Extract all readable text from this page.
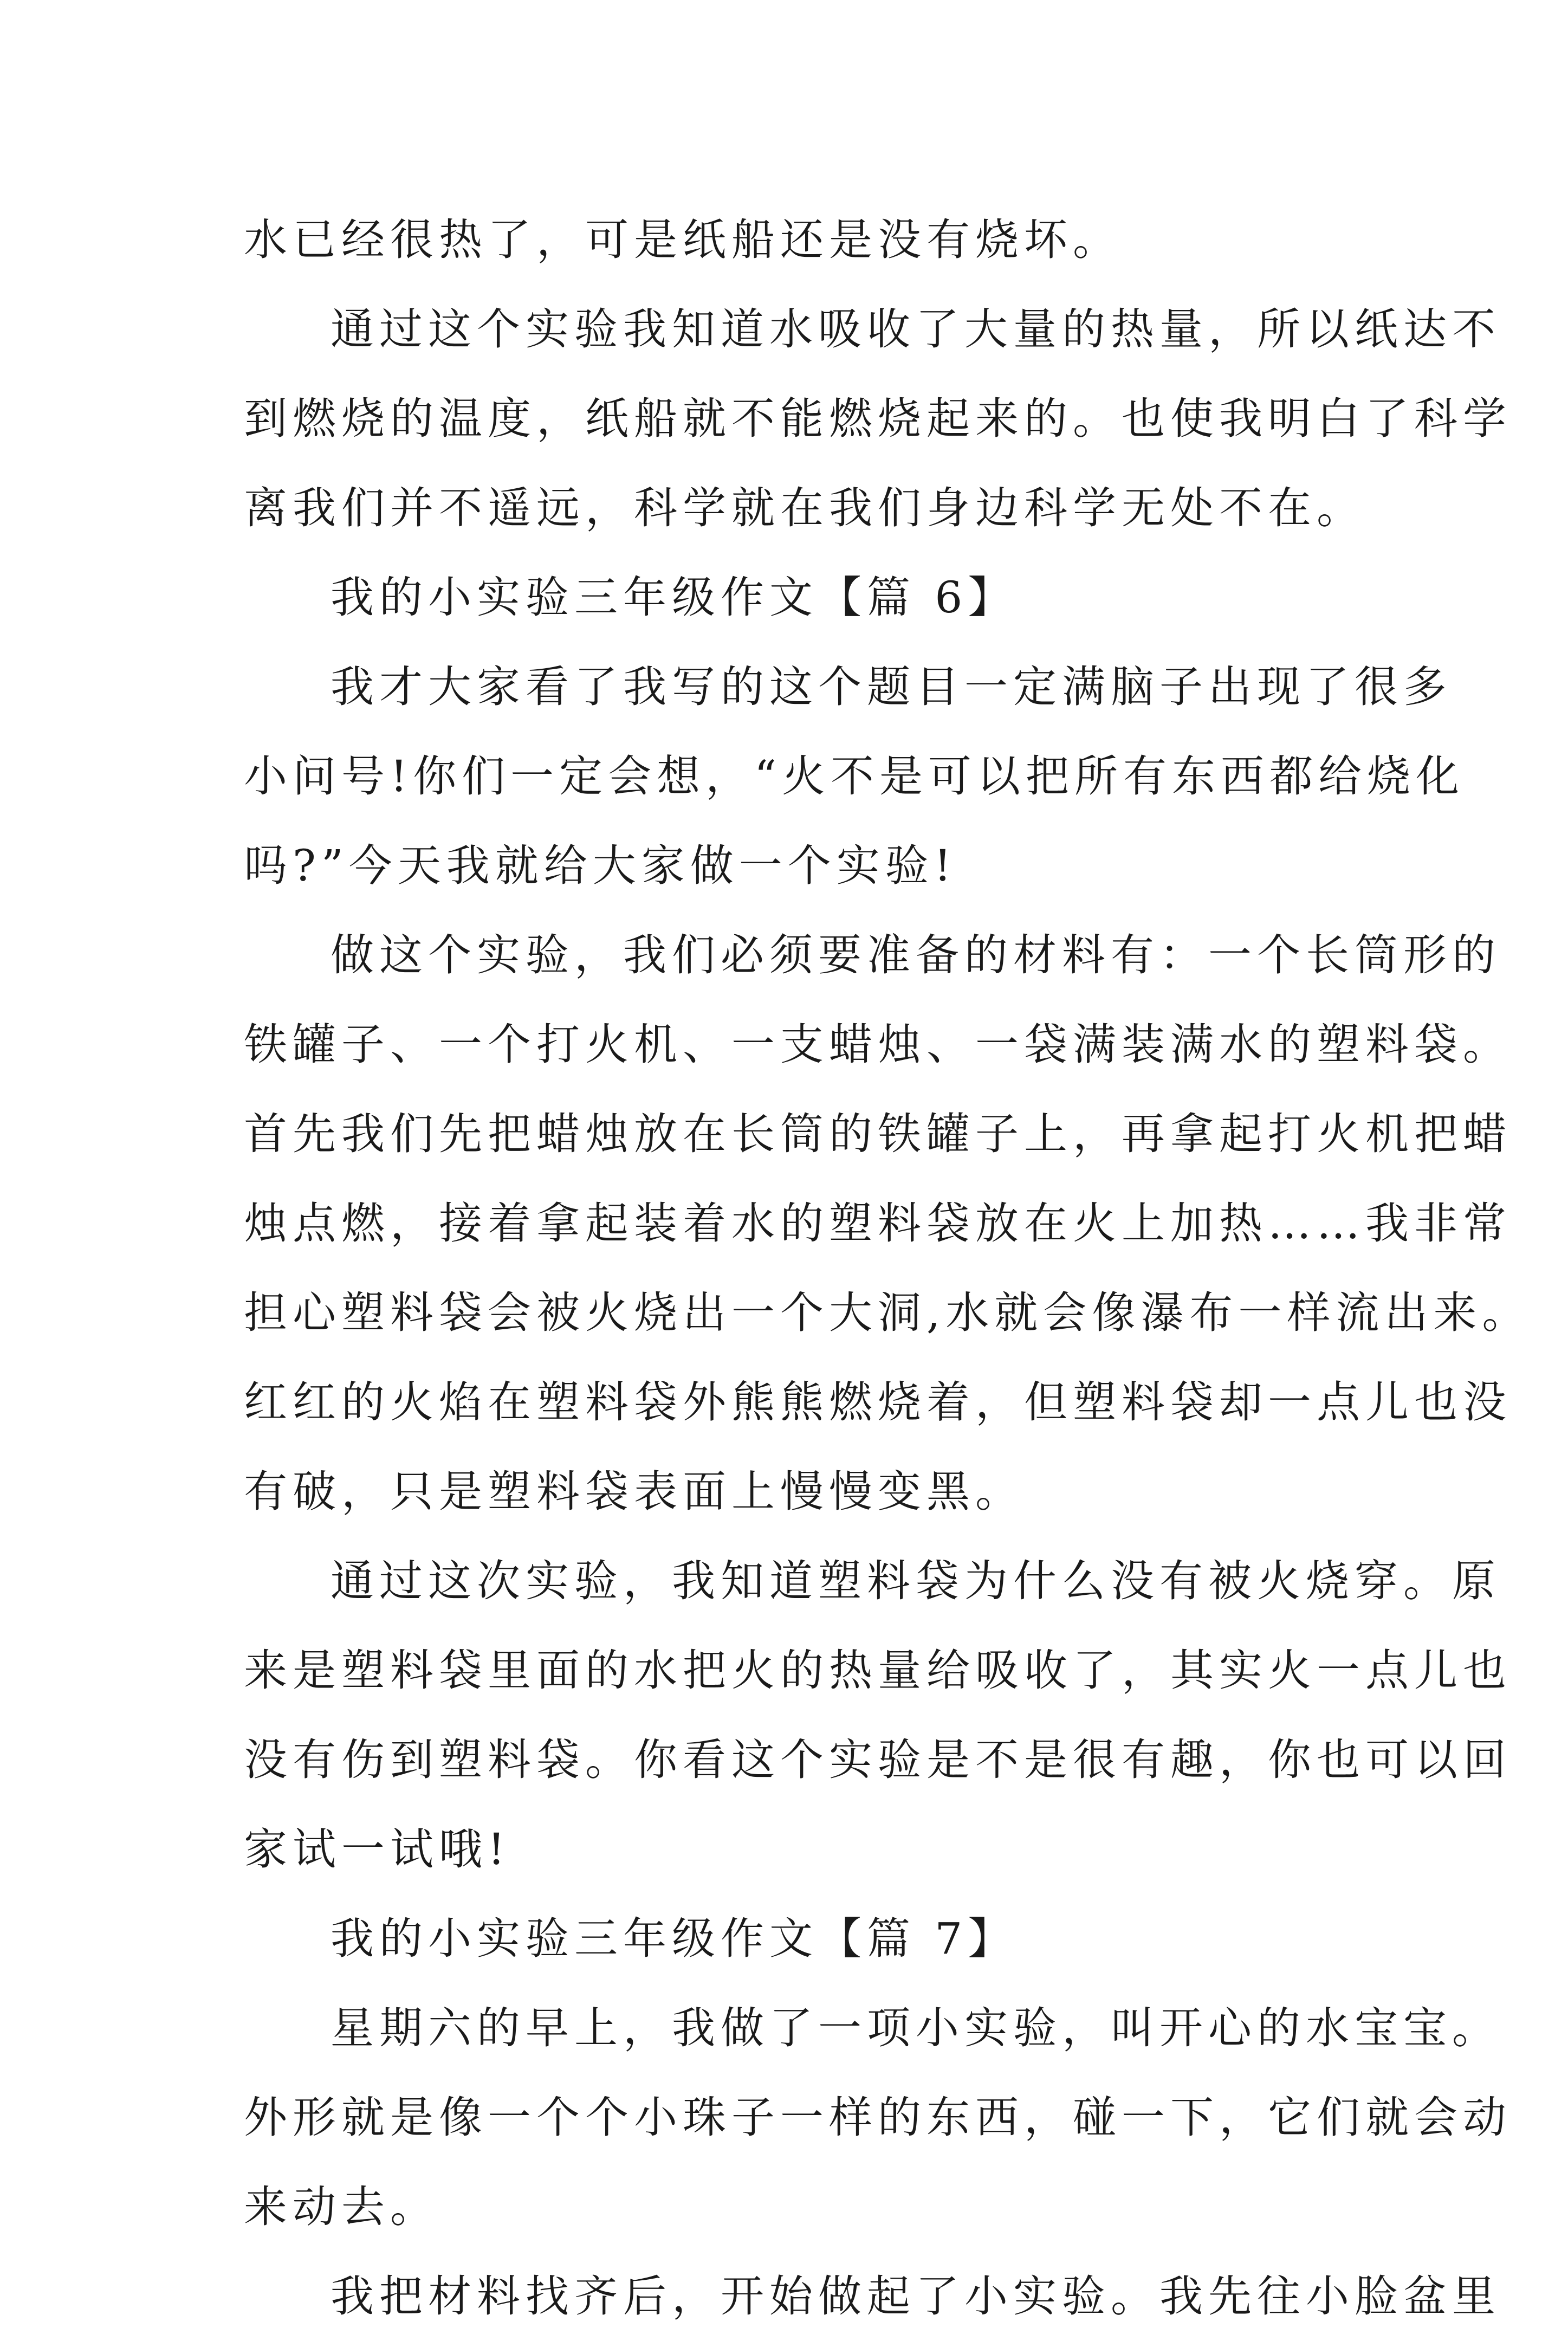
水已经很热了，可是纸船还是没有烧坏。
通过这个实验我知道水吸收了大量的热量，所以纸达不
到燃烧的温度，纸船就不能燃烧起来的。也使我明白了科学
离我们并不遥远，科学就在我们身边科学无处不在。
我的小实验三年级作文【篇 6】
我才大家看了我写的这个题目一定满脑子出现了很多
小问号!你们一定会想，“火不是可以把所有东西都给烧化
吗?”今天我就给大家做一个实验!
做这个实验，我们必须要准备的材料有：一个长筒形的
铁罐子、一个打火机、一支蜡烛、一袋满装满水的塑料袋。
首先我们先把蜡烛放在长筒的铁罐子上，再拿起打火机把蜡
烛点燃，接着拿起装着水的塑料袋放在火上加热……我非常
担心塑料袋会被火烧出一个大洞,水就会像瀑布一样流出来。
红红的火焰在塑料袋外熊熊燃烧着，但塑料袋却一点儿也没
有破，只是塑料袋表面上慢慢变黑。
通过这次实验，我知道塑料袋为什么没有被火烧穿。原
来是塑料袋里面的水把火的热量给吸收了，其实火一点儿也
没有伤到塑料袋。你看这个实验是不是很有趣，你也可以回
家试一试哦!
我的小实验三年级作文【篇 7】
星期六的早上，我做了一项小实验，叫开心的水宝宝。
外形就是像一个个小珠子一样的东西，碰一下，它们就会动
来动去。
我把材料找齐后，开始做起了小实验。我先往小脸盆里
